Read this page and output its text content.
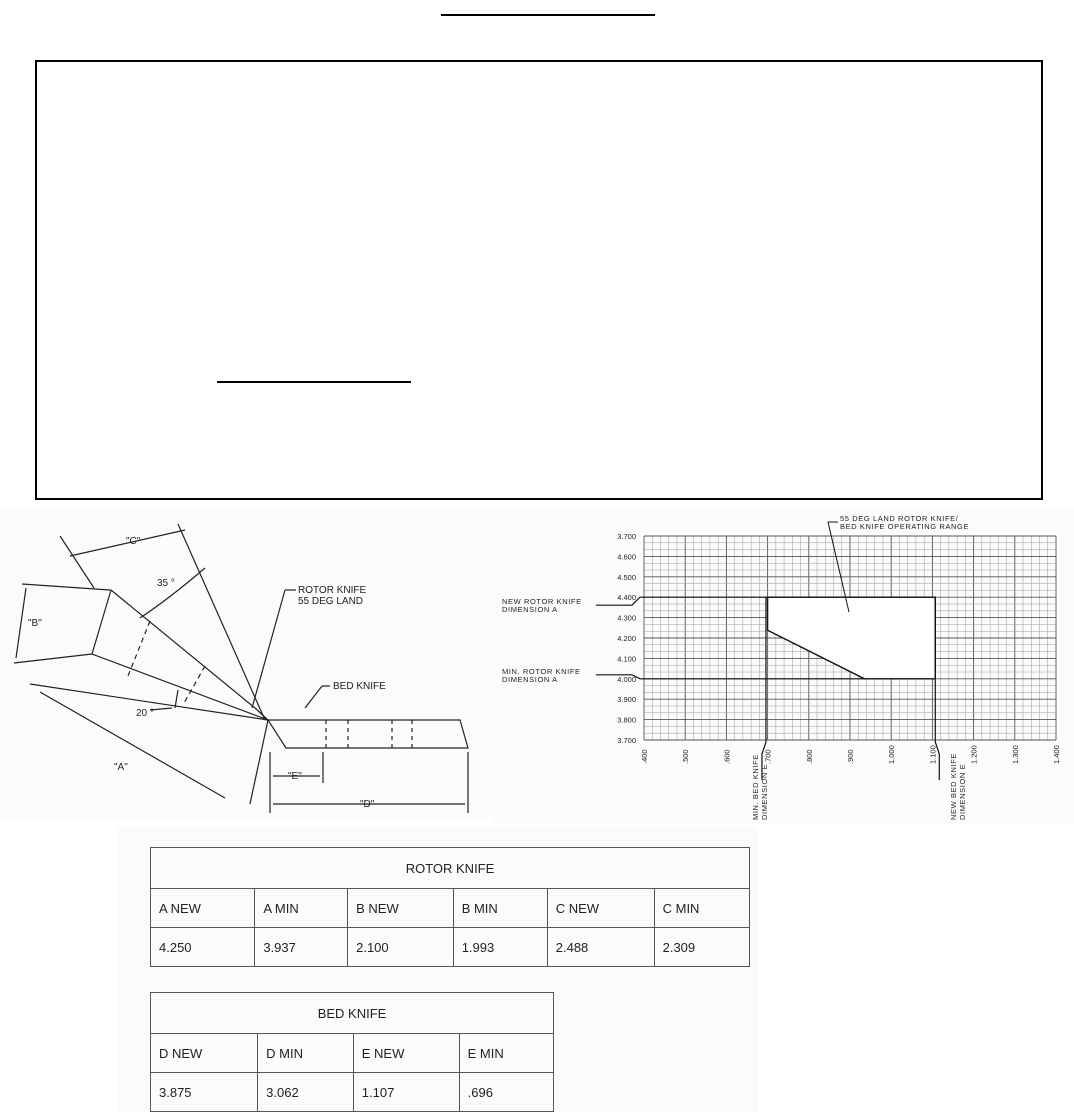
"C"
"B"
35 °
20 °
"A"
ROTOR KNIFE
55 DEG LAND
BED KNIFE
"E"
"D"
3.700
4.600
4.500
4.400
4.300
4.200
4.100
4.000
3.900
3.800
3.700
.400	.500	.600	.700	.800	.900	1.000	1.100	1.200	1.300	1.400
55 DEG LAND ROTOR KNIFE/
BED KNIFE OPERATING RANGE
NEW ROTOR KNIFE
DIMENSION A
MIN. ROTOR KNIFE
DIMENSION A
MIN. BED KNIFE DIMENSION E	NEW BED KNIFE DIMENSION E
ROTOR KNIFE					
A NEW	A MIN	B NEW	B MIN	C NEW	C MIN
4.250	3.937	2.100	1.993	2.488	2.309
BED KNIFE			
D NEW	D MIN	E NEW	E MIN
3.875	3.062	1.107	.696
